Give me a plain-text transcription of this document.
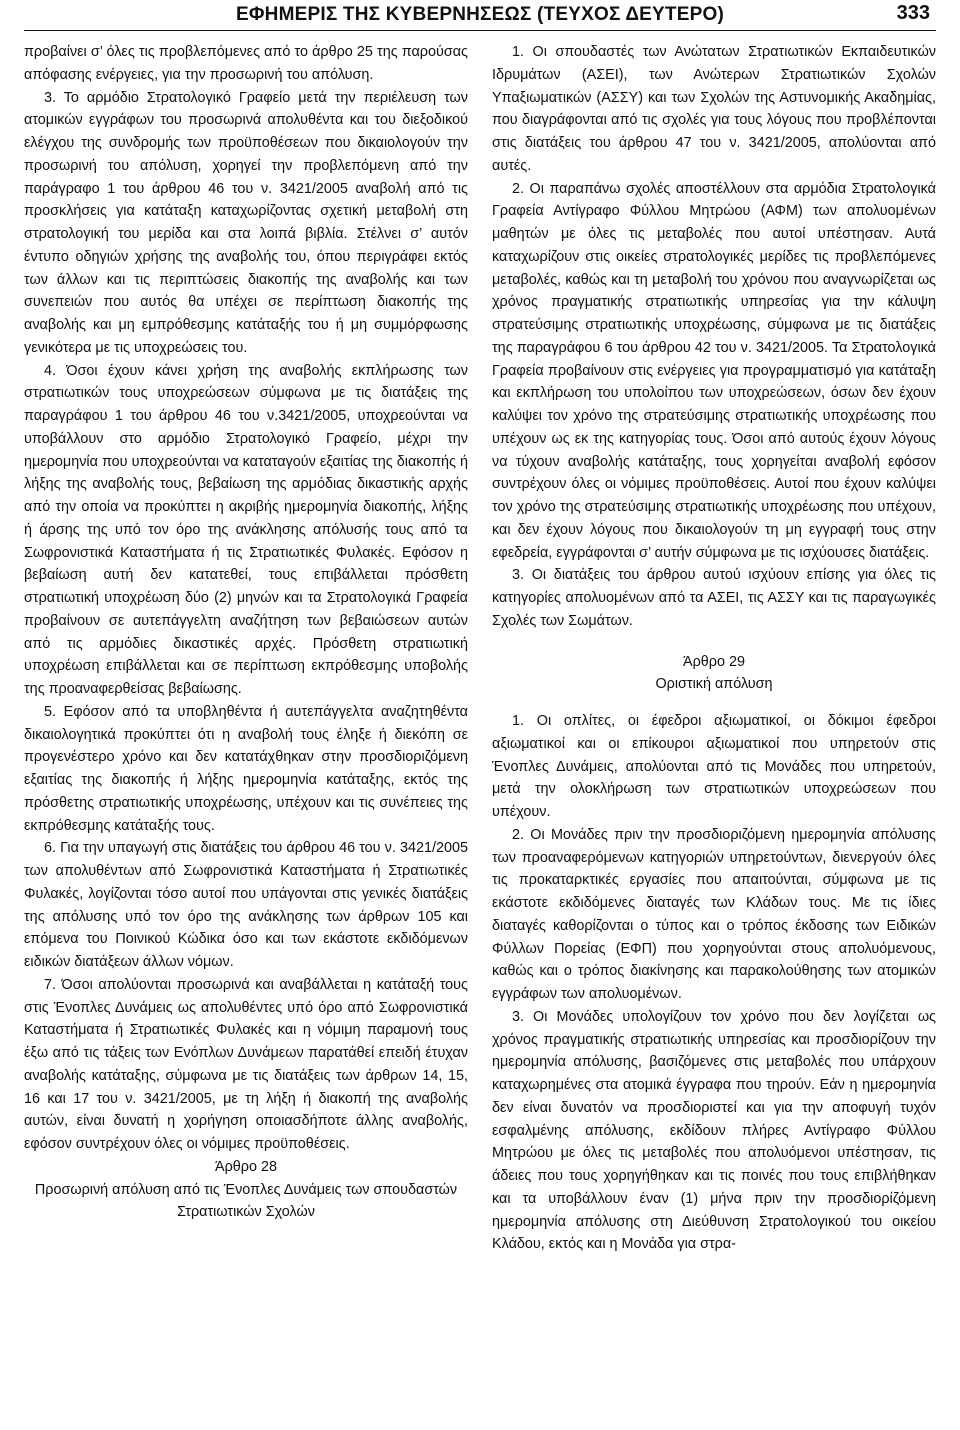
ΕΦΗΜΕΡΙΣ ΤΗΣ ΚΥΒΕΡΝΗΣΕΩΣ (ΤΕΥΧΟΣ ΔΕΥΤΕΡΟ)	333

προβαίνει σ’ όλες τις προβλεπόμενες από το άρθρο 25 της παρούσας απόφασης ενέργειες, για την προσωρινή του απόλυση.

3. Το αρμόδιο Στρατολογικό Γραφείο μετά την περιέλευση των ατομικών εγγράφων του προσωρινά απολυθέντα και του διεξοδικού ελέγχου της συνδρομής των προϋποθέσεων που δικαιολογούν την προσωρινή του απόλυση, χορηγεί την προβλεπόμενη από την παράγραφο 1 του άρθρου 46 του ν. 3421/2005 αναβολή από τις προσκλήσεις για κατάταξη καταχωρίζοντας σχετική μεταβολή στη στρατολογική του μερίδα και στα λοιπά βιβλία. Στέλνει σ’ αυτόν έντυπο οδηγιών χρήσης της αναβολής του, όπου περιγράφει εκτός των άλλων και τις περιπτώσεις διακοπής της αναβολής και των συνεπειών που αυτός θα υπέχει σε περίπτωση διακοπής της αναβολής και μη εμπρόθεσμης κατάταξής του ή μη συμμόρφωσης γενικότερα με τις υποχρεώσεις του.

4. Όσοι έχουν κάνει χρήση της αναβολής εκπλήρωσης των στρατιωτικών τους υποχρεώσεων σύμφωνα με τις διατάξεις της παραγράφου 1 του άρθρου 46 του ν.3421/2005, υποχρεούνται να υποβάλλουν στο αρμόδιο Στρατολογικό Γραφείο, μέχρι την ημερομηνία που υποχρεούνται να καταταγούν εξαιτίας της διακοπής ή λήξης της αναβολής τους, βεβαίωση της αρμόδιας δικαστικής αρχής από την οποία να προκύπτει η ακριβής ημερομηνία διακοπής, λήξης ή άρσης της υπό τον όρο της ανάκλησης απόλυσής τους από τα Σωφρονιστικά Καταστήματα ή τις Στρατιωτικές Φυλακές. Εφόσον η βεβαίωση αυτή δεν κατατεθεί, τους επιβάλλεται πρόσθετη στρατιωτική υποχρέωση δύο (2) μηνών και τα Στρατολογικά Γραφεία προβαίνουν σε αυτεπάγγελτη αναζήτηση των βεβαιώσεων αυτών από τις αρμόδιες δικαστικές αρχές. Πρόσθετη στρατιωτική υποχρέωση επιβάλλεται και σε περίπτωση εκπρόθεσμης υποβολής της προαναφερθείσας βεβαίωσης.

5. Εφόσον από τα υποβληθέντα ή αυτεπάγγελτα αναζητηθέντα δικαιολογητικά προκύπτει ότι η αναβολή τους έληξε ή διεκόπη σε προγενέστερο χρόνο και δεν κατατάχθηκαν στην προσδιοριζόμενη εξαιτίας της διακοπής ή λήξης ημερομηνία κατάταξης, εκτός της πρόσθετης στρατιωτικής υποχρέωσης, υπέχουν και τις συνέπειες της εκπρόθεσμης κατάταξής τους.

6. Για την υπαγωγή στις διατάξεις του άρθρου 46 του ν. 3421/2005 των απολυθέντων από Σωφρονιστικά Καταστήματα ή Στρατιωτικές Φυλακές, λογίζονται τόσο αυτοί που υπάγονται στις γενικές διατάξεις της απόλυσης υπό τον όρο της ανάκλησης των άρθρων 105 και επόμενα του Ποινικού Κώδικα όσο και των εκάστοτε εκδιδόμενων ειδικών διατάξεων άλλων νόμων.

7. Όσοι απολύονται προσωρινά και αναβάλλεται η κατάταξή τους στις Ένοπλες Δυνάμεις ως απολυθέντες υπό όρο από Σωφρονιστικά Καταστήματα ή Στρατιωτικές Φυλακές και η νόμιμη παραμονή τους έξω από τις τάξεις των Ενόπλων Δυνάμεων παρατάθεί επειδή έτυχαν αναβολής κατάταξης, σύμφωνα με τις διατάξεις των άρθρων 14, 15, 16 και 17 του ν. 3421/2005, με τη λήξη ή διακοπή της αναβολής αυτών, είναι δυνατή η χορήγηση οποιασδήποτε άλλης αναβολής, εφόσον συντρέχουν όλες οι νόμιμες προϋποθέσεις.

Άρθρο 28

Προσωρινή απόλυση από τις Ένοπλες Δυνάμεις των σπουδαστών Στρατιωτικών Σχολών

1. Οι σπουδαστές των Ανώτατων Στρατιωτικών Εκπαιδευτικών Ιδρυμάτων (ΑΣΕΙ), των Ανώτερων Στρατιωτικών Σχολών Υπαξιωματικών (ΑΣΣΥ) και των Σχολών της Αστυνομικής Ακαδημίας, που διαγράφονται από τις σχολές για τους λόγους που προβλέπονται στις διατάξεις του άρθρου 47 του ν. 3421/2005, απολύονται από αυτές.

2. Οι παραπάνω σχολές αποστέλλουν στα αρμόδια Στρατολογικά Γραφεία Αντίγραφο Φύλλου Μητρώου (ΑΦΜ) των απολυομένων μαθητών με όλες τις μεταβολές που αυτοί υπέστησαν. Αυτά καταχωρίζουν στις οικείες στρατολογικές μερίδες τις προβλεπόμενες μεταβολές, καθώς και τη μεταβολή του χρόνου που αναγνωρίζεται ως χρόνος πραγματικής στρατιωτικής υπηρεσίας για την κάλυψη στρατεύσιμης στρατιωτικής υποχρέωσης, σύμφωνα με τις διατάξεις της παραγράφου 6 του άρθρου 42 του ν. 3421/2005. Τα Στρατολογικά Γραφεία προβαίνουν στις ενέργειες για προγραμματισμό για κατάταξη και εκπλήρωση του υπολοίπου των υποχρεώσεων, όσων δεν έχουν καλύψει τον χρόνο της στρατεύσιμης στρατιωτικής υποχρέωσης που υπέχουν ως εκ της κατηγορίας τους. Όσοι από αυτούς έχουν λόγους να τύχουν αναβολής κατάταξης, τους χορηγείται αναβολή εφόσον συντρέχουν όλες οι νόμιμες προϋποθέσεις. Αυτοί που έχουν καλύψει τον χρόνο της στρατεύσιμης στρατιωτικής υποχρέωσης που υπέχουν, και δεν έχουν λόγους που δικαιολογούν τη μη εγγραφή τους στην εφεδρεία, εγγράφονται σ’ αυτήν σύμφωνα με τις ισχύουσες διατάξεις.

3. Οι διατάξεις του άρθρου αυτού ισχύουν επίσης για όλες τις κατηγορίες απολυομένων από τα ΑΣΕΙ, τις ΑΣΣΥ και τις παραγωγικές Σχολές των Σωμάτων.

Άρθρο 29

Οριστική απόλυση

1. Οι οπλίτες, οι έφεδροι αξιωματικοί, οι δόκιμοι έφεδροι αξιωματικοί και οι επίκουροι αξιωματικοί που υπηρετούν στις Ένοπλες Δυνάμεις, απολύονται από τις Μονάδες που υπηρετούν, μετά την ολοκλήρωση των στρατιωτικών υποχρεώσεων που υπέχουν.

2. Οι Μονάδες πριν την προσδιοριζόμενη ημερομηνία απόλυσης των προαναφερόμενων κατηγοριών υπηρετούντων, διενεργούν όλες τις προκαταρκτικές εργασίες που απαιτούνται, σύμφωνα με τις εκάστοτε εκδιδόμενες διαταγές των Κλάδων τους. Με τις ίδιες διαταγές καθορίζονται ο τύπος και ο τρόπος έκδοσης των Ειδικών Φύλλων Πορείας (ΕΦΠ) που χορηγούνται στους απολυόμενους, καθώς και ο τρόπος διακίνησης και παρακολούθησης των ατομικών εγγράφων των απολυομένων.

3. Οι Μονάδες υπολογίζουν τον χρόνο που δεν λογίζεται ως χρόνος πραγματικής στρατιωτικής υπηρεσίας και προσδιορίζουν την ημερομηνία απόλυσης, βασιζόμενες στις μεταβολές που υπάρχουν καταχωρημένες στα ατομικά έγγραφα που τηρούν. Εάν η ημερομηνία δεν είναι δυνατόν να προσδιοριστεί και για την αποφυγή τυχόν εσφαλμένης απόλυσης, εκδίδουν πλήρες Αντίγραφο Φύλλου Μητρώου με όλες τις μεταβολές που απολυόμενοι υπέστησαν, τις άδειες που τους χορηγήθηκαν και τις ποινές που τους επιβλήθηκαν και τα υποβάλλουν έναν (1) μήνα πριν την προσδιορίζόμενη ημερομηνία απόλυσης στη Διεύθυνση Στρατολογικού του οικείου Κλάδου, εκτός και η Μονάδα για στρα-
